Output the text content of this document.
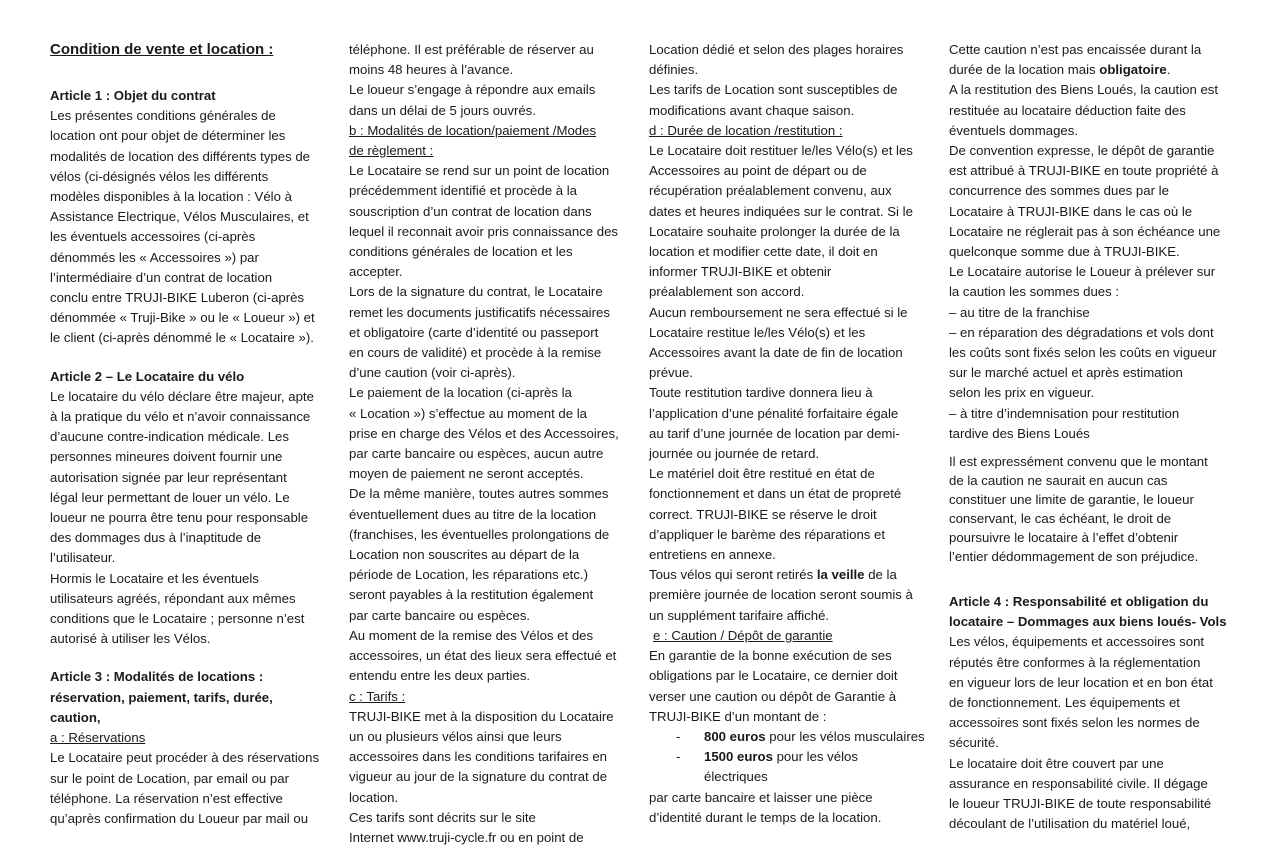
Condition de vente et location :

Article 1 : Objet du contrat

Les présentes conditions générales de

location ont pour objet de déterminer les

modalités de location des différents types de

vélos (ci-désignés vélos les différents

modèles disponibles à la location : Vélo à

Assistance Electrique, Vélos Musculaires, et

les éventuels accessoires (ci-après

dénommés les « Accessoires ») par

l’intermédiaire d’un contrat de location

conclu entre TRUJI-BIKE Luberon (ci-après

dénommée « Truji-Bike » ou le « Loueur ») et

le client (ci-après dénommé le « Locataire »).

Article 2 – Le Locataire du vélo

Le locataire du vélo déclare être majeur, apte

à la pratique du vélo et n’avoir connaissance

d’aucune contre-indication médicale. Les

personnes mineures doivent fournir une

autorisation signée par leur représentant

légal leur permettant de louer un vélo. Le

loueur ne pourra être tenu pour responsable

des dommages dus à l’inaptitude de

l’utilisateur.

Hormis le Locataire et les éventuels

utilisateurs agréés, répondant aux mêmes

conditions que le Locataire ; personne n’est

autorisé à utiliser les Vélos.

Article 3 : Modalités de locations :

réservation, paiement, tarifs, durée,

caution,

a : Réservations

Le Locataire peut procéder à des réservations

sur le point de Location, par email ou par

téléphone. La réservation n’est effective

qu’après confirmation du Loueur par mail ou

téléphone. Il est préférable de réserver au

moins 48 heures à l’avance.

Le loueur s’engage à répondre aux emails

dans un délai de 5 jours ouvrés.

b : Modalités de location/paiement /Modes

de règlement :

Le Locataire se rend sur un point de location

précédemment identifié et procède à la

souscription d’un contrat de location dans

lequel il reconnait avoir pris connaissance des

conditions générales de location et les

accepter.

Lors de la signature du contrat, le Locataire

remet les documents justificatifs nécessaires

et obligatoire (carte d’identité ou passeport

en cours de validité) et procède à la remise

d’une caution (voir ci-après).

Le paiement de la location (ci-après la

« Location ») s’effectue au moment de la

prise en charge des Vélos et des Accessoires,

par carte bancaire ou espèces, aucun autre

moyen de paiement ne seront acceptés.

De la même manière, toutes autres sommes

éventuellement dues au titre de la location

(franchises, les éventuelles prolongations de

Location non souscrites au départ de la

période de Location, les réparations etc.)

seront payables à la restitution également

par carte bancaire ou espèces.

Au moment de la remise des Vélos et des

accessoires, un état des lieux sera effectué et

entendu entre les deux parties.

c : Tarifs :

TRUJI-BIKE met à la disposition du Locataire

un ou plusieurs vélos ainsi que leurs

accessoires dans les conditions tarifaires en

vigueur au jour de la signature du contrat de

location.

Ces tarifs sont décrits sur le site

Internet www.truji-cycle.fr ou en point de

Location dédié et selon des plages horaires

définies.

Les tarifs de Location sont susceptibles de

modifications avant chaque saison.

d : Durée de location /restitution :

Le Locataire doit restituer le/les Vélo(s) et les

Accessoires au point de départ ou de

récupération préalablement convenu, aux

dates et heures indiquées sur le contrat. Si le

Locataire souhaite prolonger la durée de la

location et modifier cette date, il doit en

informer TRUJI-BIKE et obtenir

préalablement son accord.

Aucun remboursement ne sera effectué si le

Locataire restitue le/les Vélo(s) et les

Accessoires avant la date de fin de location

prévue.

Toute restitution tardive donnera lieu à

l’application d’une pénalité forfaitaire égale

au tarif d’une journée de location par demi-

journée ou journée de retard.

Le matériel doit être restitué en état de

fonctionnement et dans un état de propreté

correct. TRUJI-BIKE se réserve le droit

d’appliquer le barème des réparations et

entretiens en annexe.

Tous vélos qui seront retirés la veille de la

première journée de location seront soumis à

un supplément tarifaire affiché.

e : Caution / Dépôt de garantie

En garantie de la bonne exécution de ses

obligations par le Locataire, ce dernier doit

verser une caution ou dépôt de Garantie à

TRUJI-BIKE d’un montant de :

-	800 euros pour les vélos musculaires
-	1500 euros pour les vélos
électriques

par carte bancaire et laisser une pièce

d’identité durant le temps de la location.

Cette caution n’est pas encaissée durant la

durée de la location mais obligatoire.

A la restitution des Biens Loués, la caution est

restituée au locataire déduction faite des

éventuels dommages.

De convention expresse, le dépôt de garantie

est attribué à TRUJI-BIKE en toute propriété à

concurrence des sommes dues par le

Locataire à TRUJI-BIKE dans le cas où le

Locataire ne réglerait pas à son échéance une

quelconque somme due à TRUJI-BIKE.

Le Locataire autorise le Loueur à prélever sur

la caution les sommes dues :

– au titre de la franchise

– en réparation des dégradations et vols dont

les coûts sont fixés selon les coûts en vigueur

sur le marché actuel et après estimation

selon les prix en vigueur.

– à titre d’indemnisation pour restitution

tardive des Biens Loués

Il est expressément convenu que le montant

de la caution ne saurait en aucun cas

constituer une limite de garantie, le loueur

conservant, le cas échéant, le droit de

poursuivre le locataire à l’effet d’obtenir

l’entier dédommagement de son préjudice.

Article 4 : Responsabilité et obligation du

locataire – Dommages aux biens loués- Vols

Les vélos, équipements et accessoires sont

réputés être conformes à la réglementation

en vigueur lors de leur location et en bon état

de fonctionnement. Les équipements et

accessoires sont fixés selon les normes de

sécurité.

Le locataire doit être couvert par une

assurance en responsabilité civile. Il dégage

le loueur TRUJI-BIKE de toute responsabilité

découlant de l’utilisation du matériel loué,
